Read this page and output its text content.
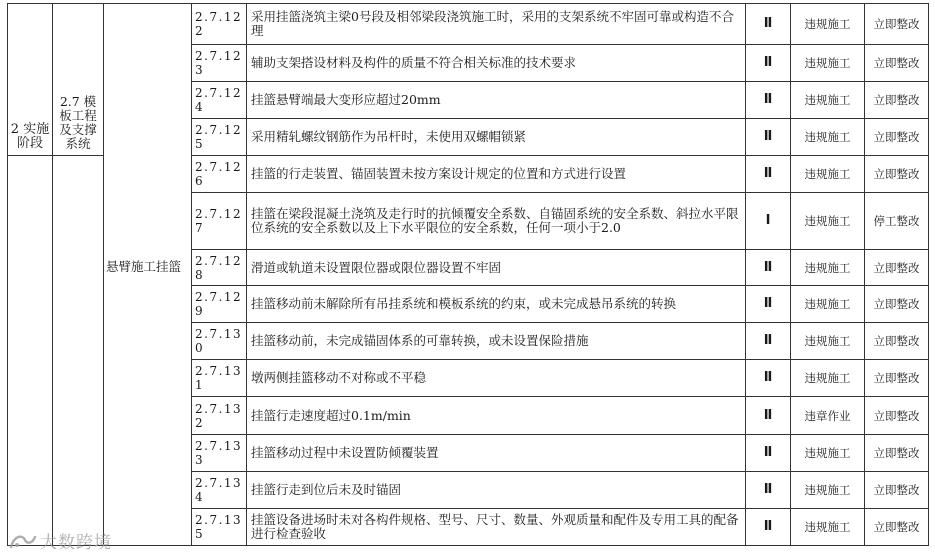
2 实施阶段	2.7 模板工程及支撑系统	悬臂施工挂篮	2.7.122	采用挂篮浇筑主梁0号段及相邻梁段浇筑施工时，采用的支架系统不牢固可靠或构造不合理	Ⅱ	违规施工	立即整改
			2.7.123	辅助支架搭设材料及构件的质量不符合相关标准的技术要求	Ⅱ	违规施工	立即整改
			2.7.124	挂篮悬臂端最大变形应超过20mm	Ⅱ	违规施工	立即整改
			2.7.125	采用精轧螺纹钢筋作为吊杆时，未使用双螺帽锁紧	Ⅱ	违规施工	立即整改
			2.7.126	挂篮的行走装置、锚固装置未按方案设计规定的位置和方式进行设置	Ⅱ	违规施工	立即整改
			2.7.127	挂篮在梁段混凝土浇筑及走行时的抗倾覆安全系数、自锚固系统的安全系数、斜拉水平限位系统的安全系数以及上下水平限位的安全系数，任何一项小于2.0	Ⅰ	违规施工	停工整改
			2.7.128	滑道或轨道未设置限位器或限位器设置不牢固	Ⅱ	违规施工	立即整改
			2.7.129	挂篮移动前未解除所有吊挂系统和模板系统的约束，或未完成悬吊系统的转换	Ⅱ	违规施工	立即整改
			2.7.130	挂篮移动前，未完成锚固体系的可靠转换，或未设置保险措施	Ⅱ	违规施工	立即整改
			2.7.131	墩两侧挂篮移动不对称或不平稳	Ⅱ	违规施工	立即整改
			2.7.132	挂篮行走速度超过0.1m/min	Ⅱ	违章作业	立即整改
			2.7.133	挂篮移动过程中未设置防倾覆装置	Ⅱ	违规施工	立即整改
			2.7.134	挂篮行走到位后未及时锚固	Ⅱ	违规施工	立即整改
			2.7.135	挂篮设备进场时未对各构件规格、型号、尺寸、数量、外观质量和配件及专用工具的配备进行检查验收	Ⅱ	违规施工	立即整改
大数跨境
